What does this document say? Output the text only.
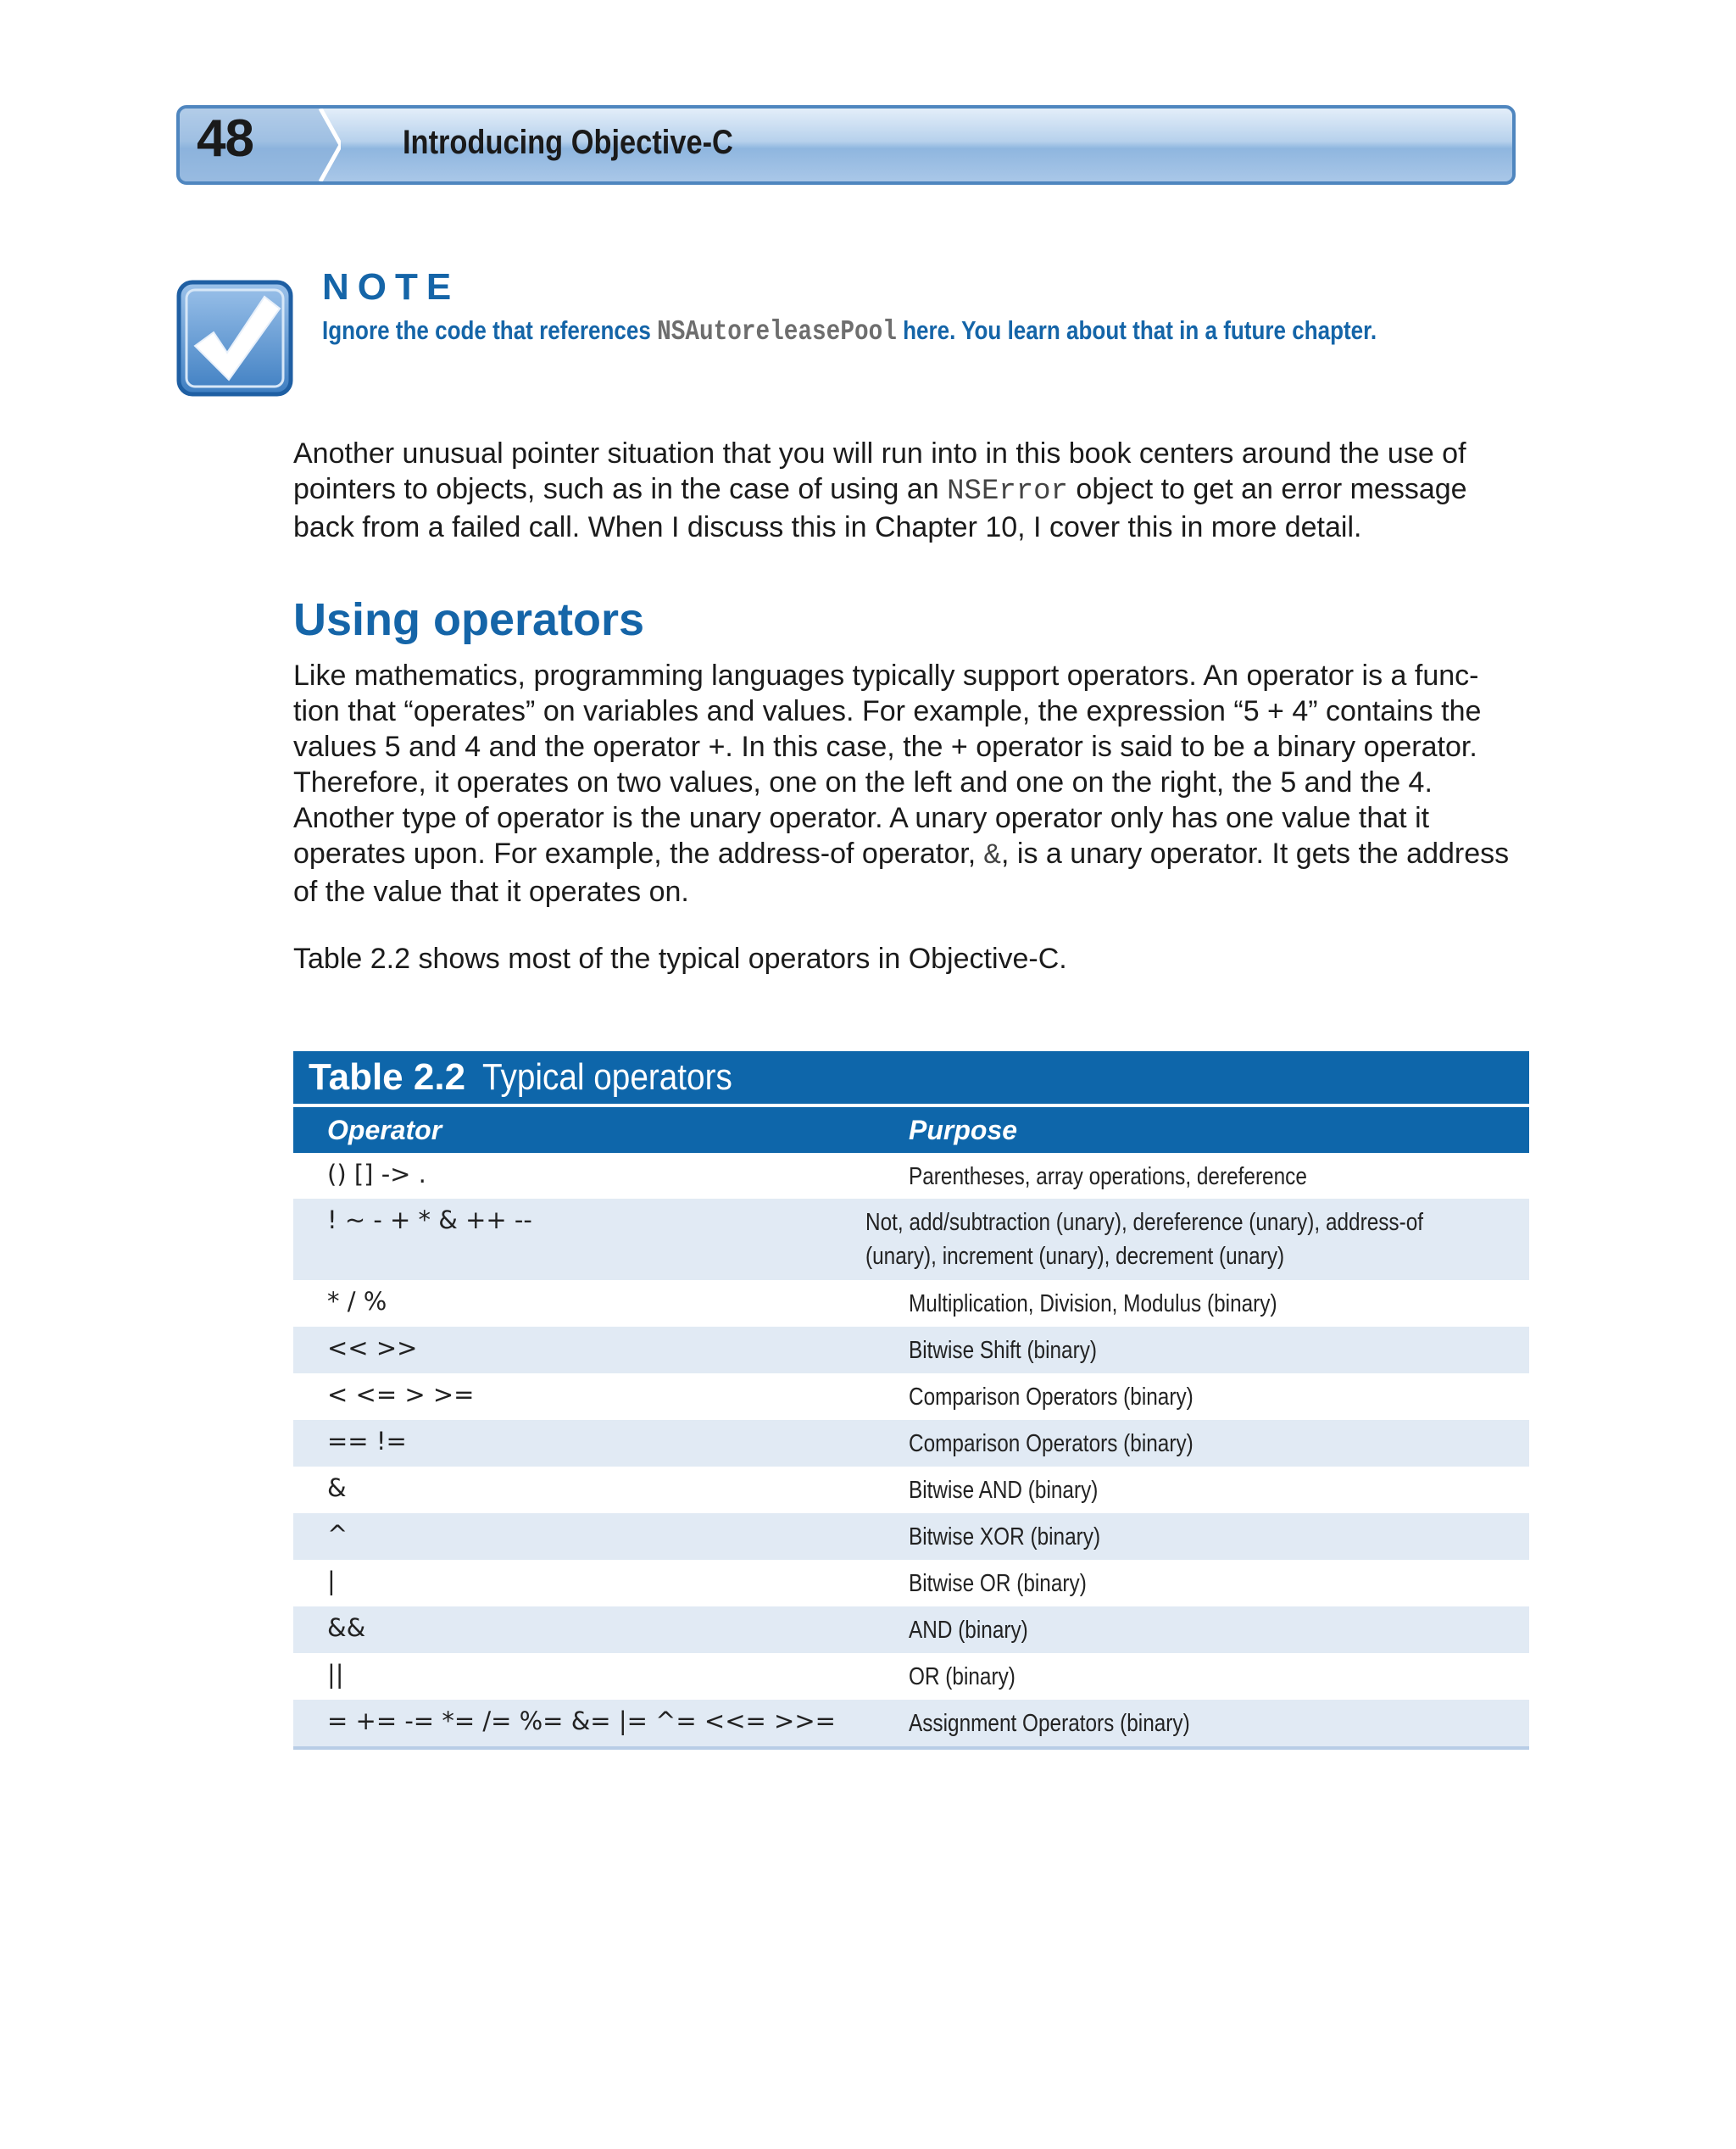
48	Introducing Objective-C
NOTE
Ignore the code that references NSAutoreleasePool here. You learn about that in a future chapter.

Another unusual pointer situation that you will run into in this book centers around the use of
pointers to objects, such as in the case of using an NSError object to get an error message
back from a failed call. When I discuss this in Chapter 10, I cover this in more detail.

Using operators

Like mathematics, programming languages typically support operators. An operator is a func-
tion that “operates” on variables and values. For example, the expression “5 + 4” contains the
values 5 and 4 and the operator +. In this case, the + operator is said to be a binary operator.
Therefore, it operates on two values, one on the left and one on the right, the 5 and the 4.
Another type of operator is the unary operator. A unary operator only has one value that it
operates upon. For example, the address-of operator, &, is a unary operator. It gets the address
of the value that it operates on.

Table 2.2 shows most of the typical operators in Objective-C.

Table 2.2 Typical operators
Operator	Purpose
() [] -> .	Parentheses, array operations, dereference
! ~ - + * & ++ --	Not, add/subtraction (unary), dereference (unary), address-of
(unary), increment (unary), decrement (unary)
* / %	Multiplication, Division, Modulus (binary)
<< >>	Bitwise Shift (binary)
< <= > >=	Comparison Operators (binary)
== !=	Comparison Operators (binary)
&	Bitwise AND (binary)
^	Bitwise XOR (binary)
|	Bitwise OR (binary)
&&	AND (binary)
||	OR (binary)
= += -= *= /= %= &= |= ^= <<= >>=	Assignment Operators (binary)
